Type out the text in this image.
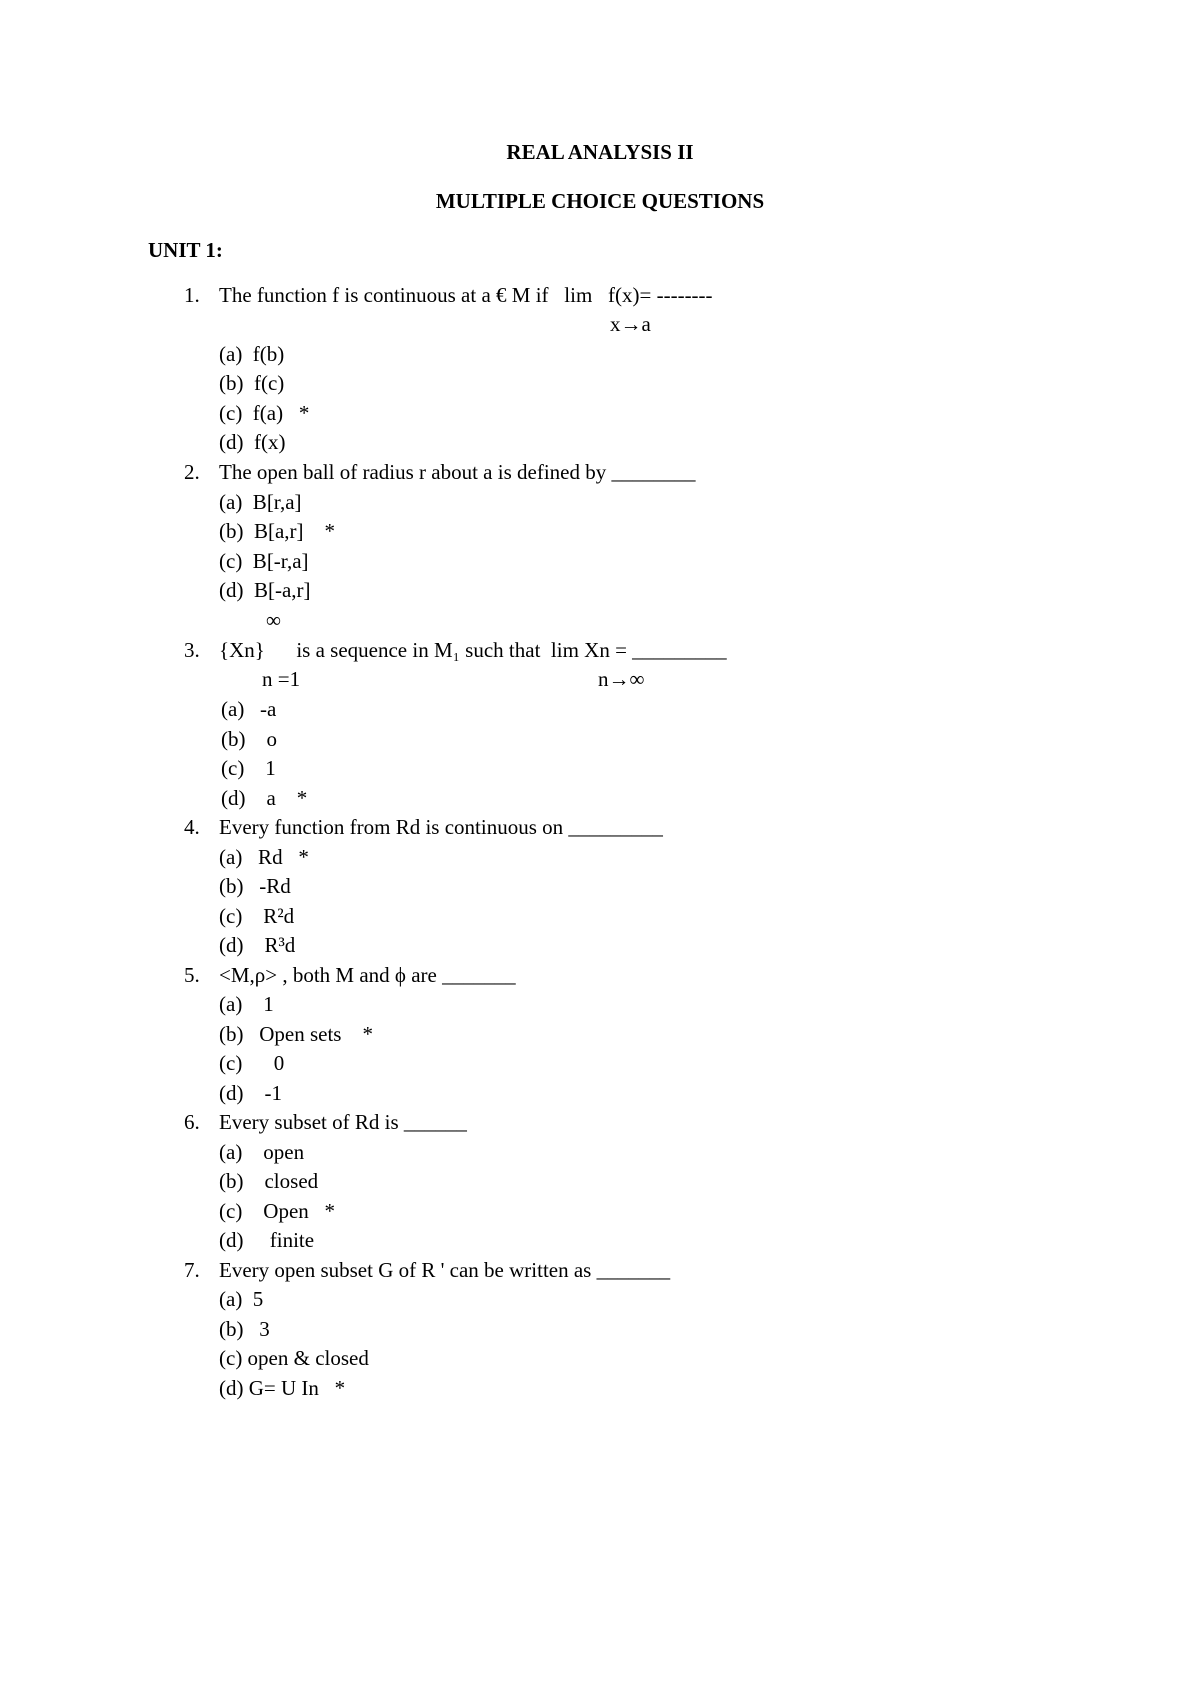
REAL ANALYSIS II
MULTIPLE CHOICE QUESTIONS
UNIT 1:
1. The function f is continuous at a € M if   lim   f(x)= --------
x→a
(a)  f(b)
(b)  f(c)
(c)  f(a)   *
(d)  f(x)
2. The open ball of radius r about a is defined by ________
(a)  B[r,a]
(b)  B[a,r]    *
(c)  B[-r,a]
(d)  B[-a,r]
∞
3. {Xn}      is a sequence in M₁ such that  lim Xn = _________
n =1	n→∞
(a)   -a
(b)    o
(c)    1
(d)    a    *
4. Every function from Rd is continuous on _________
(a)   Rd   *
(b)   -Rd
(c)    R²d
(d)    R³d
5. <M,ρ> , both M and ϕ are _______
(a)    1
(b)   Open sets    *
(c)      0
(d)    -1
6. Every subset of Rd is ______
(a)    open
(b)    closed
(c)    Open   *
(d)     finite
7. Every open subset G of R ' can be written as _______
(a)  5
(b)   3
(c) open & closed
(d) G= U In   *
